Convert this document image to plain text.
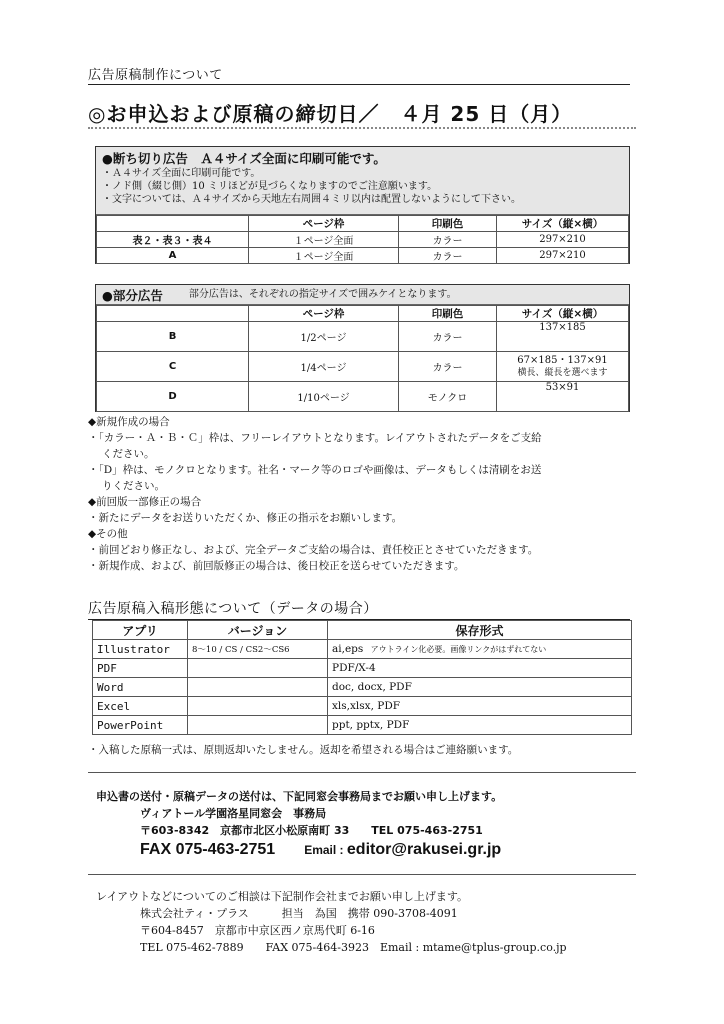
広告原稿制作について
◎お申込および原稿の締切日／　４月 25 日（月）
●断ち切り広告　Ａ４サイズ全面に印刷可能です。
・Ａ４サイズ全面に印刷可能です。
・ノド側（綴じ側）10 ミリほどが見づらくなりますのでご注意願います。
・文字については、Ａ４サイズから天地左右周囲４ミリ以内は配置しないようにして下さい。
	ページ枠	印刷色	サイズ（縦×横）
表２・表３・表４	１ページ全面	カラー	297×210
A	１ページ全面	カラー	297×210
●部分広告	部分広告は、それぞれの指定サイズで囲みケイとなります。
	ページ枠	印刷色	サイズ（縦×横）
B	1/2ページ	カラー	137×185

C	1/4ページ	カラー	67×185・137×91
横長、縦長を選べます

D	1/10ページ	モノクロ	53×91
◆新規作成の場合
・「カラー・Ａ・Ｂ・Ｃ」枠は、フリーレイアウトとなります。レイアウトされたデータをご支給
ください。
・「D」枠は、モノクロとなります。社名・マーク等のロゴや画像は、データもしくは清刷をお送
りください。
◆前回版一部修正の場合
・新たにデータをお送りいただくか、修正の指示をお願いします。
◆その他
・前回どおり修正なし、および、完全データご支給の場合は、責任校正とさせていただきます。
・新規作成、および、前回版修正の場合は、後日校正を送らせていただきます。
広告原稿入稿形態について（データの場合）
アプリ	バージョン	保存形式
Illustrator	8〜10 / CS / CS2〜CS6	ai,eps アウトライン化必要。画像リンクがはずれてない
PDF		PDF/X-4
Word		doc, docx, PDF
Excel		xls,xlsx, PDF
PowerPoint		ppt, pptx, PDF
・入稿した原稿一式は、原則返却いたしません。返却を希望される場合はご連絡願います。
申込書の送付・原稿データの送付は、下記同窓会事務局までお願い申し上げます。
ヴィアトール学園洛星同窓会　事務局
〒603-8342　京都市北区小松原南町 33　　TEL 075-463-2751
FAX 075-463-2751 Email : editor@rakusei.gr.jp
レイアウトなどについてのご相談は下記制作会社までお願い申し上げます。
株式会社ティ・プラス　　　担当　為国　携帯 090-3708-4091
〒604-8457　京都市中京区西ノ京馬代町 6-16
TEL 075-462-7889　　FAX 075-464-3923　Email : mtame@tplus-group.co.jp
